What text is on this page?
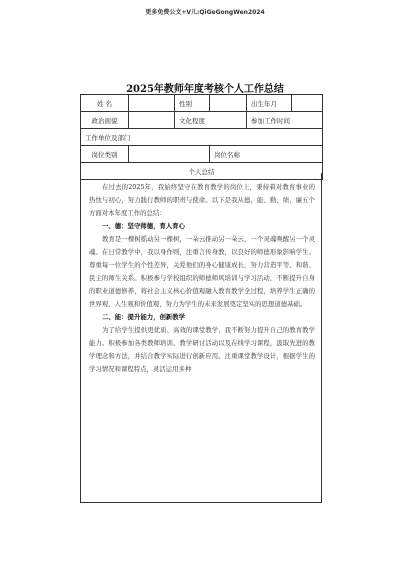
更多免费公文+V儿:QiGeGongWen2024
2025年教师年度考核个人工作总结
姓 名		性别		出生年月	
政治面貌		文化程度		参加工作时间	
工作单位及部门					
岗位类别			岗位名称		
个人总结					

在过去的2025年，我始终坚守在教育教学的岗位上，秉持着对教育事业的热忱与初心，努力践行教师的职责与使命。以下是我从德、能、勤、绩、廉五个方面对本年度工作的总结：

一、德：坚守师德，育人育心

教育是一棵树摇动另一棵树，一朵云推动另一朵云，一个灵魂唤醒另一个灵魂。在日常教学中，我以身作则，注重言传身教，以良好的师德形象影响学生。尊重每一位学生的个性差异，关爱他们的身心健康成长，努力营造平等、和谐、民主的师生关系。积极参与学校组织的师德师风培训与学习活动，不断提升自身的职业道德修养，将社会主义核心价值观融入教育教学全过程，培养学生正确的世界观、人生观和价值观，努力为学生的未来发展奠定坚实的思想道德基础。

二、能：提升能力，创新教学

为了给学生提供更优质、高效的课堂教学，我不断努力提升自己的教育教学能力。积极参加各类教师培训、教学研讨活动以及在线学习课程，汲取先进的教学理念和方法，并结合教学实际进行创新应用。注重课堂教学设计，根据学生的学习情况和课程特点，灵活运用多种
